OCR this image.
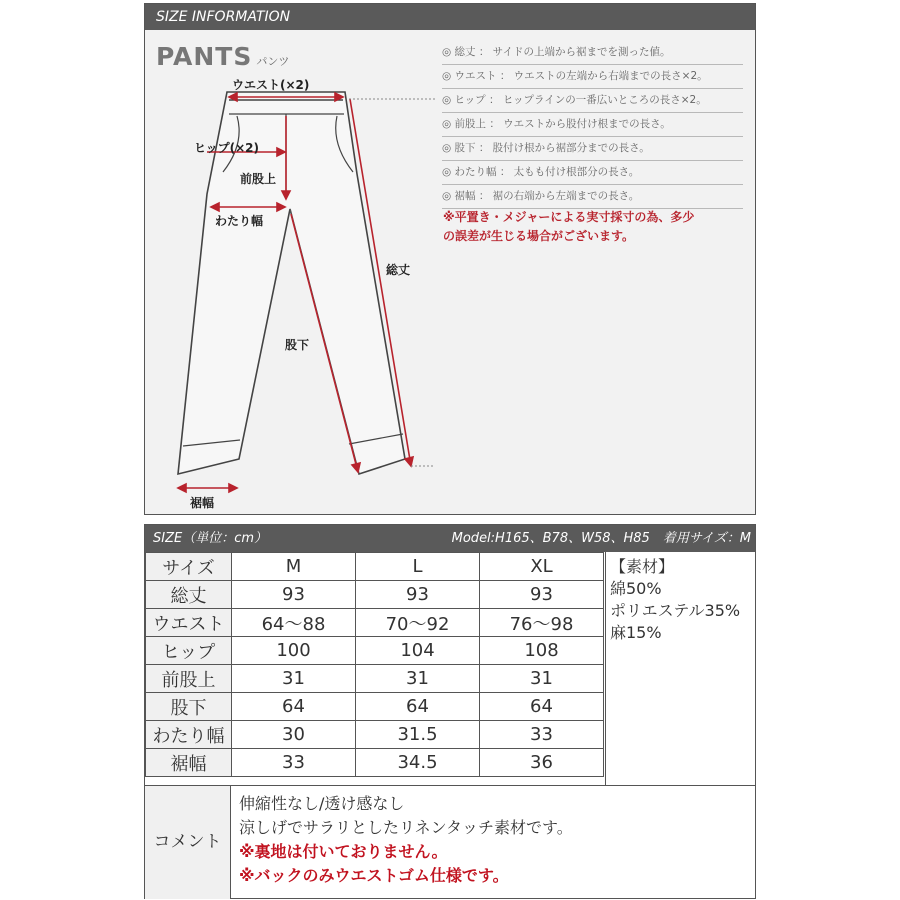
SIZE INFORMATION
PANTS パンツ
ウエスト(×2)
ヒップ(×2)
前股上
わたり幅
総丈
股下
裾幅
◎ 総丈 ： サイドの上端から裾までを測った値。
◎ ウエスト ： ウエストの左端から右端までの長さ×2。
◎ ヒップ ： ヒップラインの一番広いところの長さ×2。
◎ 前股上 ： ウエストから股付け根までの長さ。
◎ 股下 ： 股付け根から裾部分までの長さ。
◎ わたり幅 ： 太もも付け根部分の長さ。
◎ 裾幅 ： 裾の右端から左端までの長さ。
※平置き・メジャーによる実寸採寸の為、多少
の誤差が生じる場合がございます。
SIZE（単位：cm）	Model:H165、B78、W58、H85　着用サイズ：M
サイズ	M	L	XL
総丈	93	93	93
ウエスト	64〜88	70〜92	76〜98
ヒップ	100	104	108
前股上	31	31	31
股下	64	64	64
わたり幅	30	31.5	33
裾幅	33	34.5	36
【素材】
綿50%
ポリエステル35%
麻15%
コメント
伸縮性なし/透け感なし
涼しげでサラリとしたリネンタッチ素材です。
※裏地は付いておりません。
※バックのみウエストゴム仕様です。
